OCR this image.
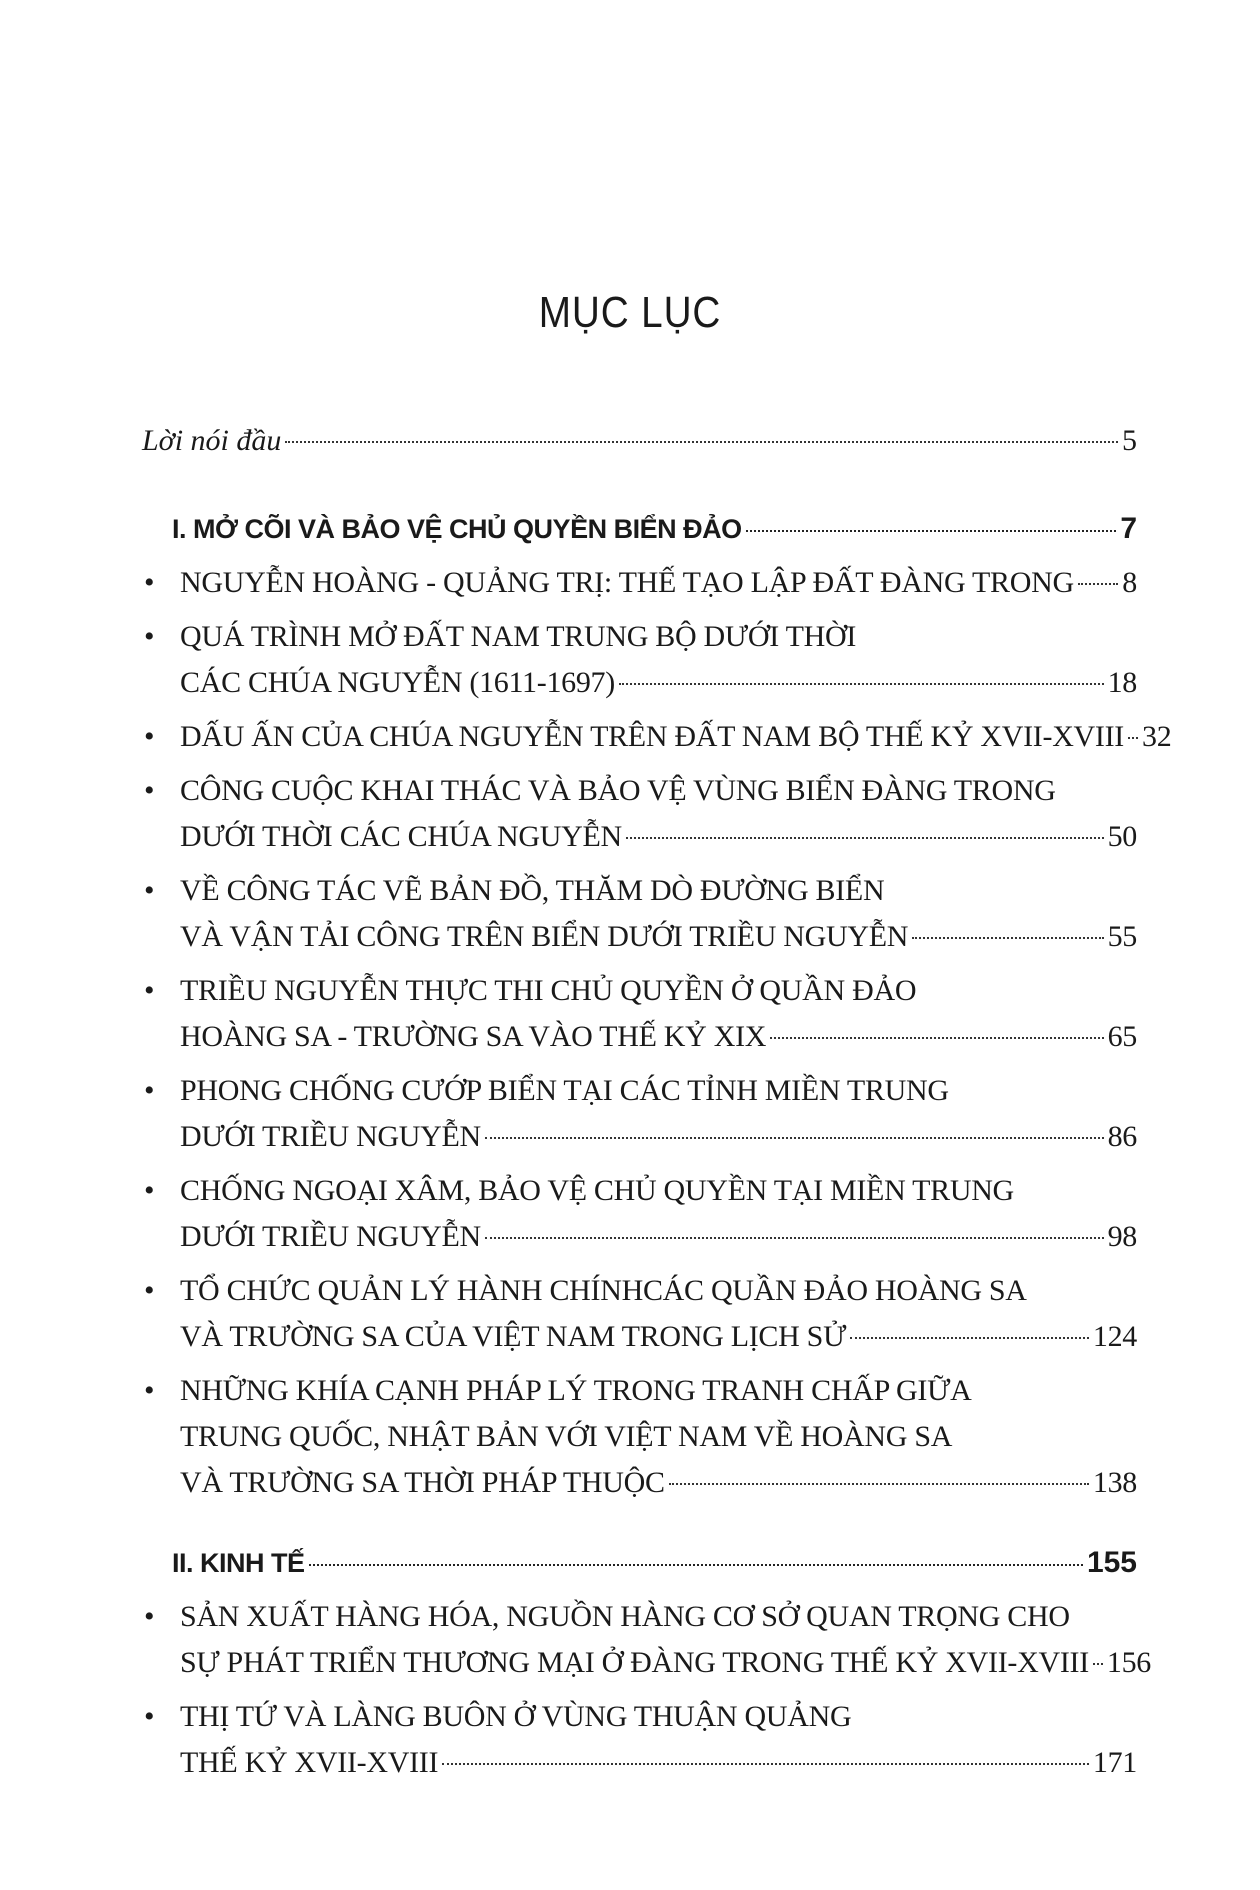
MỤC LỤC
Lời nói đầu	5
I. MỞ CÕI VÀ BẢO VỆ CHỦ QUYỀN BIỂN ĐẢO	7
• NGUYỄN HOÀNG - QUẢNG TRỊ: THẾ TẠO LẬP ĐẤT ĐÀNG TRONG 8
• QUÁ TRÌNH MỞ ĐẤT NAM TRUNG BỘ DƯỚI THỜI
CÁC CHÚA NGUYỄN (1611-1697)	18
• DẤU ẤN CỦA CHÚA NGUYỄN TRÊN ĐẤT NAM BỘ THẾ KỶ XVII-XVIII 32
• CÔNG CUỘC KHAI THÁC VÀ BẢO VỆ VÙNG BIỂN ĐÀNG TRONG
DƯỚI THỜI CÁC CHÚA NGUYỄN	50
• VỀ CÔNG TÁC VẼ BẢN ĐỒ, THĂM DÒ ĐƯỜNG BIỂN
VÀ VẬN TẢI CÔNG TRÊN BIỂN DƯỚI TRIỀU NGUYỄN	55
• TRIỀU NGUYỄN THỰC THI CHỦ QUYỀN Ở QUẦN ĐẢO
HOÀNG SA - TRƯỜNG SA VÀO THẾ KỶ XIX	65
• PHONG CHỐNG CƯỚP BIỂN TẠI CÁC TỈNH MIỀN TRUNG
DƯỚI TRIỀU NGUYỄN	86
• CHỐNG NGOẠI XÂM, BẢO VỆ CHỦ QUYỀN TẠI MIỀN TRUNG
DƯỚI TRIỀU NGUYỄN	98
• TỔ CHỨC QUẢN LÝ HÀNH CHÍNHCÁC QUẦN ĐẢO HOÀNG SA
VÀ TRƯỜNG SA CỦA VIỆT NAM TRONG LỊCH SỬ	124
• NHỮNG KHÍA CẠNH PHÁP LÝ TRONG TRANH CHẤP GIỮA
TRUNG QUỐC, NHẬT BẢN VỚI VIỆT NAM VỀ HOÀNG SA
VÀ TRƯỜNG SA THỜI PHÁP THUỘC	138
II. KINH TẾ	155
• SẢN XUẤT HÀNG HÓA, NGUỒN HÀNG CƠ SỞ QUAN TRỌNG CHO
SỰ PHÁT TRIỂN THƯƠNG MẠI Ở ĐÀNG TRONG THẾ KỶ XVII-XVIII 156
• THỊ TỨ VÀ LÀNG BUÔN Ở VÙNG THUẬN QUẢNG
THẾ KỶ XVII-XVIII	171
